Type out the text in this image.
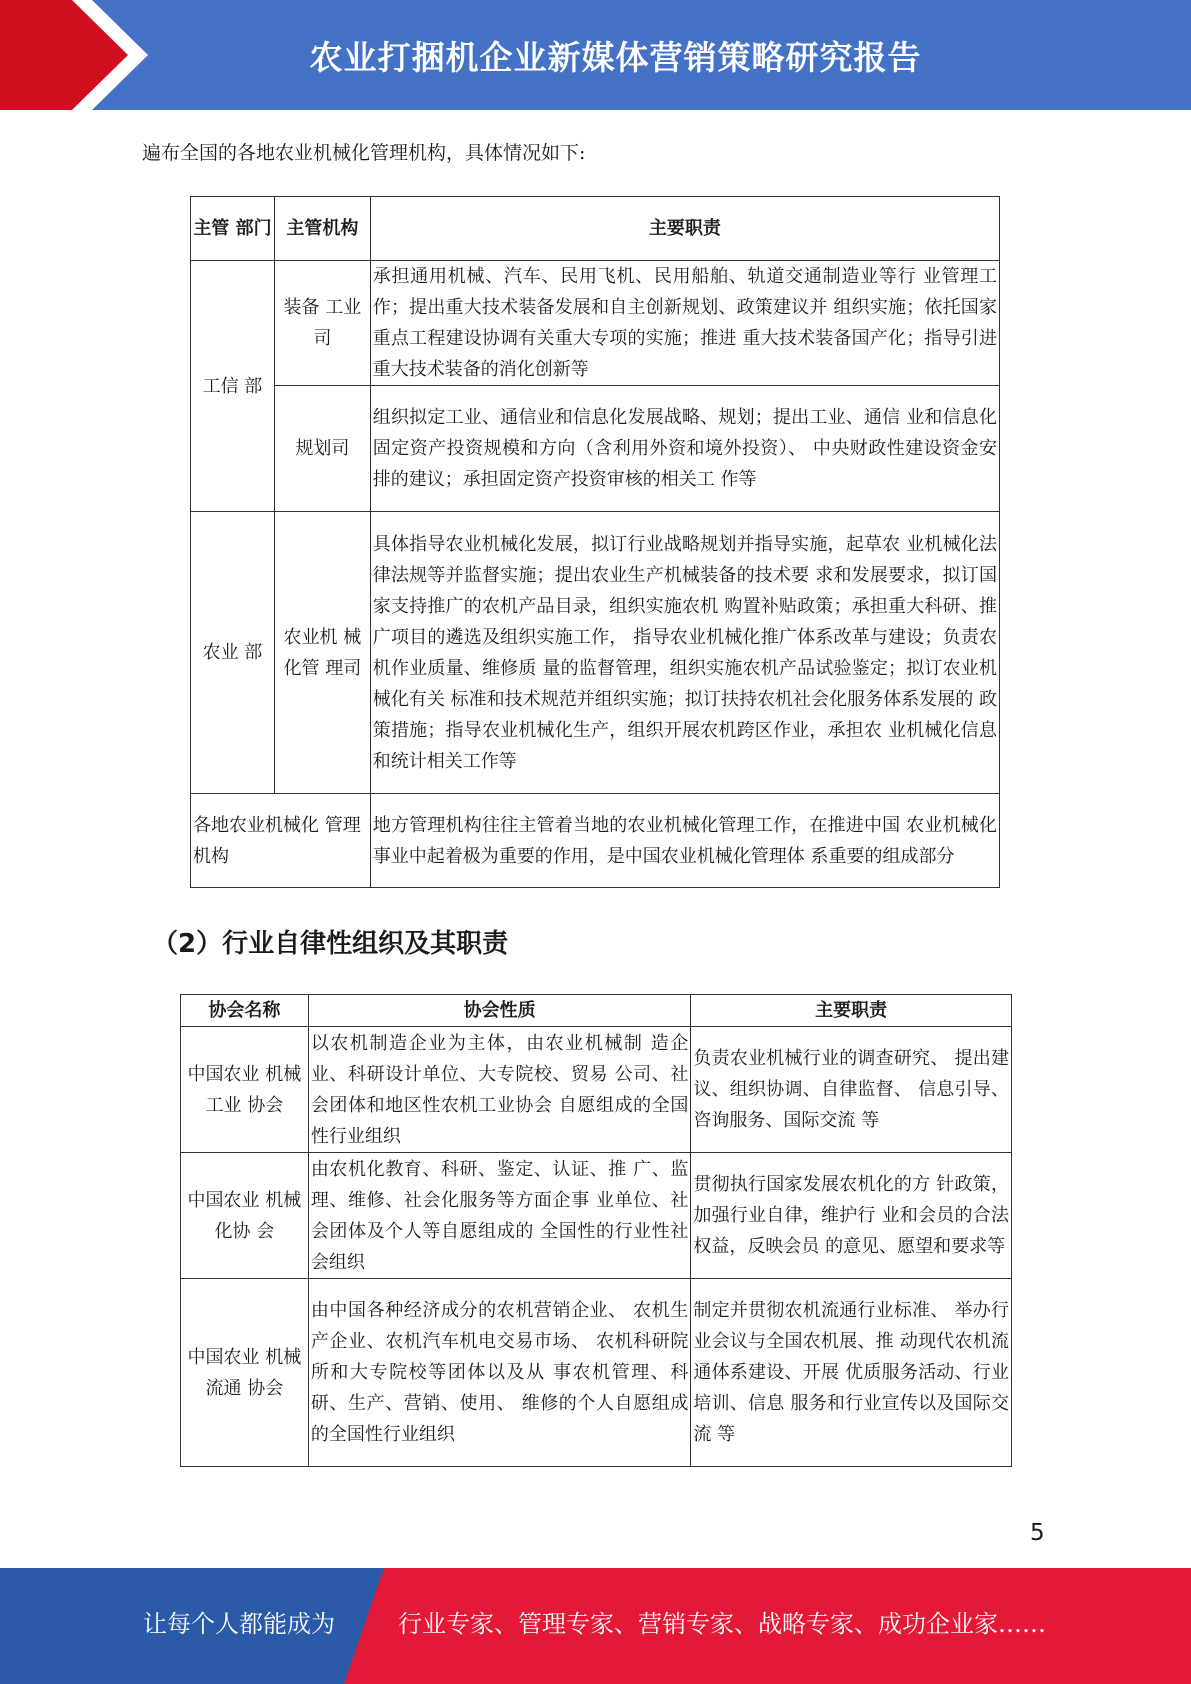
农业打捆机企业新媒体营销策略研究报告
遍布全国的各地农业机械化管理机构，具体情况如下:
主管 部门	主管机构	主要职责
工信 部	装备 工业司	承担通用机械、汽车、民用飞机、民用船舶、轨道交通制造业等行 业管理工作；提出重大技术装备发展和自主创新规划、政策建议并 组织实施；依托国家重点工程建设协调有关重大专项的实施；推进 重大技术装备国产化；指导引进重大技术装备的消化创新等
	规划司	组织拟定工业、通信业和信息化发展战略、规划；提出工业、通信 业和信息化固定资产投资规模和方向（含利用外资和境外投资）、 中央财政性建设资金安排的建议；承担固定资产投资审核的相关工 作等
农业 部	农业机 械化管 理司	具体指导农业机械化发展，拟订行业战略规划并指导实施，起草农 业机械化法律法规等并监督实施；提出农业生产机械装备的技术要 求和发展要求，拟订国家支持推广的农机产品目录，组织实施农机 购置补贴政策；承担重大科研、推广项目的遴选及组织实施工作， 指导农业机械化推广体系改革与建设；负责农机作业质量、维修质 量的监督管理，组织实施农机产品试验鉴定；拟订农业机械化有关 标准和技术规范并组织实施；拟订扶持农机社会化服务体系发展的 政策措施；指导农业机械化生产，组织开展农机跨区作业，承担农 业机械化信息和统计相关工作等
各地农业机械化 管理机构		地方管理机构往往主管着当地的农业机械化管理工作，在推进中国 农业机械化事业中起着极为重要的作用，是中国农业机械化管理体 系重要的组成部分
（2）行业自律性组织及其职责
协会名称	协会性质	主要职责
中国农业 机械工业 协会	以农机制造企业为主体，由农业机械制 造企业、科研设计单位、大专院校、贸易 公司、社会团体和地区性农机工业协会 自愿组成的全国性行业组织	负责农业机械行业的调查研究、 提出建议、组织协调、自律监督、 信息引导、咨询服务、国际交流 等
中国农业 机械化协 会	由农机化教育、科研、鉴定、认证、推 广、监理、维修、社会化服务等方面企事 业单位、社会团体及个人等自愿组成的 全国性的行业性社会组织	贯彻执行国家发展农机化的方 针政策，加强行业自律，维护行 业和会员的合法权益，反映会员 的意见、愿望和要求等
中国农业 机械流通 协会	由中国各种经济成分的农机营销企业、 农机生产企业、农机汽车机电交易市场、 农机科研院所和大专院校等团体以及从 事农机管理、科研、生产、营销、使用、 维修的个人自愿组成的全国性行业组织	制定并贯彻农机流通行业标准、 举办行业会议与全国农机展、推 动现代农机流通体系建设、开展 优质服务活动、行业培训、信息 服务和行业宣传以及国际交流 等
5
让每个人都能成为	行业专家、管理专家、营销专家、战略专家、成功企业家……
